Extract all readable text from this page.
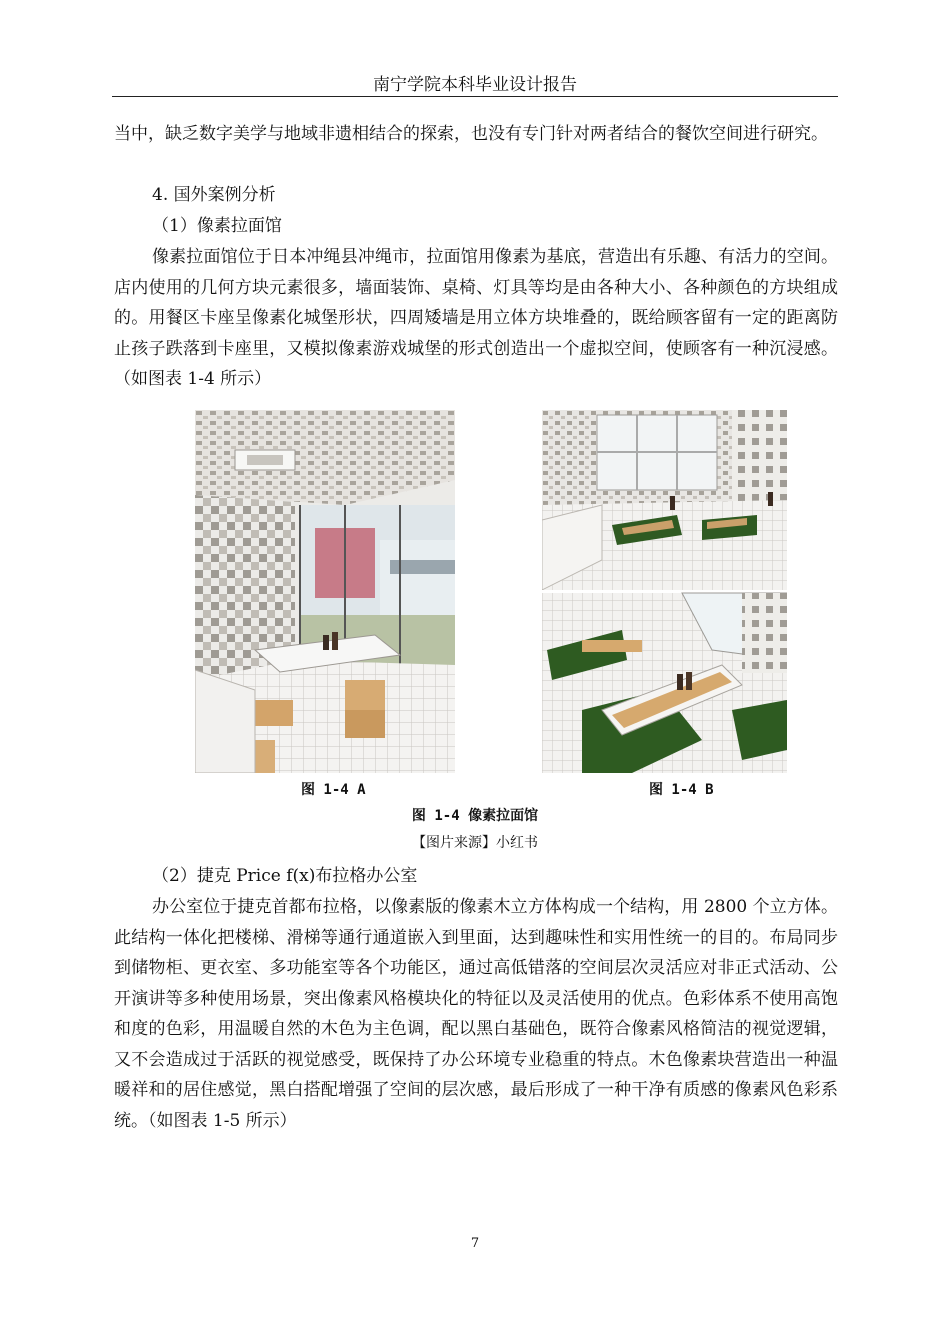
南宁学院本科毕业设计报告

当中，缺乏数字美学与地域非遗相结合的探索，也没有专门针对两者结合的餐饮空间进行研究。

4. 国外案例分析
（1）像素拉面馆

像素拉面馆位于日本冲绳县冲绳市，拉面馆用像素为基底，营造出有乐趣、有活力的空间。店内使用的几何方块元素很多，墙面装饰、桌椅、灯具等均是由各种大小、各种颜色的方块组成的。用餐区卡座呈像素化城堡形状，四周矮墙是用立体方块堆叠的，既给顾客留有一定的距离防止孩子跌落到卡座里，又模拟像素游戏城堡的形式创造出一个虚拟空间，使顾客有一种沉浸感。（如图表 1-4 所示）

图 1-4 A	图 1-4 B
图 1-4 像素拉面馆
【图片来源】小红书
（2）捷克 Price f(x)布拉格办公室

办公室位于捷克首都布拉格，以像素版的像素木立方体构成一个结构，用 2800 个立方体。此结构一体化把楼梯、滑梯等通行通道嵌入到里面，达到趣味性和实用性统一的目的。布局同步到储物柜、更衣室、多功能室等各个功能区，通过高低错落的空间层次灵活应对非正式活动、公开演讲等多种使用场景，突出像素风格模块化的特征以及灵活使用的优点。色彩体系不使用高饱和度的色彩，用温暖自然的木色为主色调，配以黑白基础色，既符合像素风格简洁的视觉逻辑，又不会造成过于活跃的视觉感受，既保持了办公环境专业稳重的特点。木色像素块营造出一种温暖祥和的居住感觉，黑白搭配增强了空间的层次感，最后形成了一种干净有质感的像素风色彩系统。（如图表 1-5 所示）

7
